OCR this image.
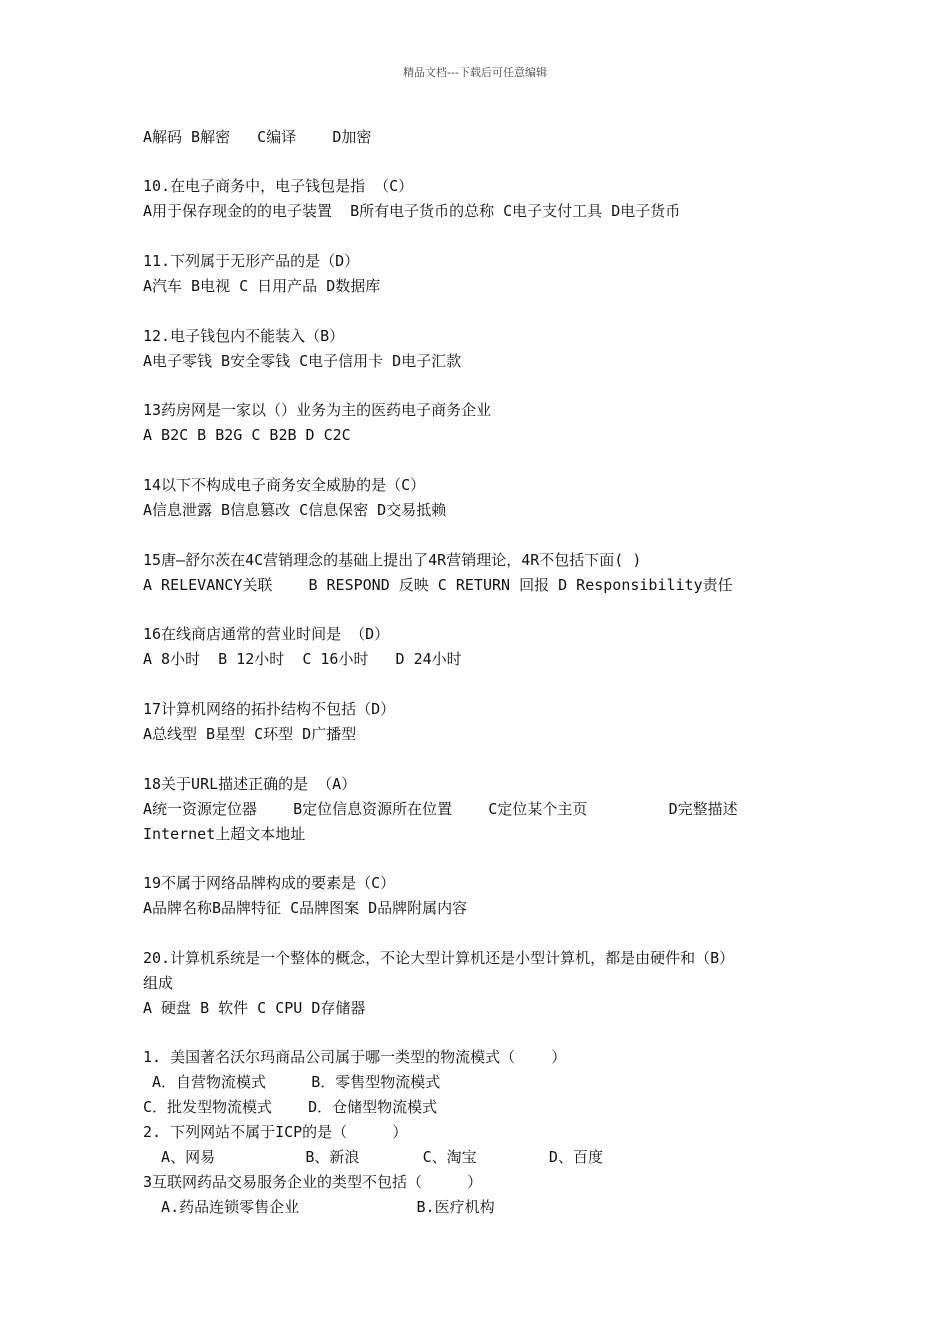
精品文档---下载后可任意编辑
A解码 B解密   C编译    D加密
10.在电子商务中，电子钱包是指 （C）
A用于保存现金的的电子装置  B所有电子货币的总称 C电子支付工具 D电子货币
11.下列属于无形产品的是（D）
A汽车 B电视 C 日用产品 D数据库
12.电子钱包内不能装入（B）
A电子零钱 B安全零钱 C电子信用卡 D电子汇款
13药房网是一家以（）业务为主的医药电子商务企业
A B2C B B2G C B2B D C2C
14以下不构成电子商务安全威胁的是（C）
A信息泄露 B信息篡改 C信息保密 D交易抵赖
15唐—舒尔茨在4C营销理念的基础上提出了4R营销理论，4R不包括下面( )
A RELEVANCY关联    B RESPOND 反映 C RETURN 回报 D Responsibility责任
16在线商店通常的营业时间是 （D）
A 8小时  B 12小时  C 16小时   D 24小时
17计算机网络的拓扑结构不包括（D）
A总线型 B星型 C环型 D广播型
18关于URL描述正确的是 （A）
A统一资源定位器    B定位信息资源所在位置    C定位某个主页         D完整描述
Internet上超文本地址
19不属于网络品牌构成的要素是（C）
A品牌名称B品牌特征 C品牌图案 D品牌附属内容
20.计算机系统是一个整体的概念，不论大型计算机还是小型计算机，都是由硬件和（B）
组成
A 硬盘 B 软件 C CPU D存储器
1. 美国著名沃尔玛商品公司属于哪一类型的物流模式（    ）
A．自营物流模式     B．零售型物流模式
C．批发型物流模式    D．仓储型物流模式
2. 下列网站不属于ICP的是（     ）
A、网易          B、新浪       C、淘宝        D、百度
3互联网药品交易服务企业的类型不包括（     ）
A.药品连锁零售企业             B.医疗机构
